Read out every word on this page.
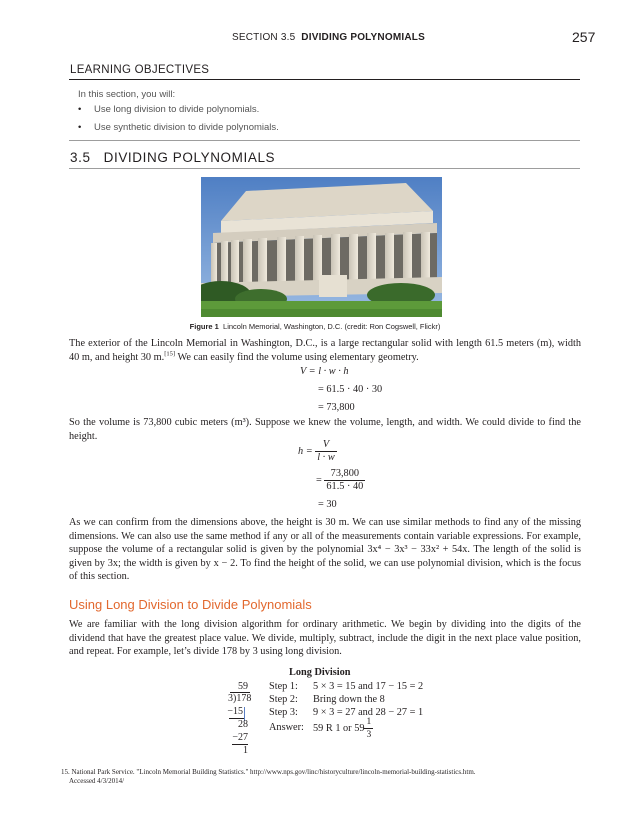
SECTION 3.5 DIVIDING POLYNOMIALS	257
LEARNING OBJECTIVES
In this section, you will:
• Use long division to divide polynomials.
• Use synthetic division to divide polynomials.
3.5   DIVIDING POLYNOMIALS
Figure 1 Lincoln Memorial, Washington, D.C. (credit: Ron Cogswell, Flickr)
The exterior of the Lincoln Memorial in Washington, D.C., is a large rectangular solid with length 61.5 meters (m), width 40 m, and height 30 m.[15] We can easily find the volume using elementary geometry.
V = l · w · h
= 61.5 · 40 · 30
= 73,800
So the volume is 73,800 cubic meters (m³). Suppose we knew the volume, length, and width. We could divide to find the height.
$h = \frac{V}{l \cdot w}$
= $\frac{73,800}{61.5 \cdot 40}$
= 30
As we can confirm from the dimensions above, the height is 30 m. We can use similar methods to find any of the missing dimensions. We can also use the same method if any or all of the measurements contain variable expressions. For example, suppose the volume of a rectangular solid is given by the polynomial 3x⁴ − 3x³ − 33x² + 54x. The length of the solid is given by 3x; the width is given by x − 2. To find the height of the solid, we can use polynomial division, which is the focus of this section.
Using Long Division to Divide Polynomials
We are familiar with the long division algorithm for ordinary arithmetic. We begin by dividing into the digits of the dividend that have the greatest place value. We divide, multiply, subtract, include the digit in the next place value position, and repeat. For example, let’s divide 178 by 3 using long division.
Long Division
59
3)178
−15
28
−27
1
Step 1: 5 × 3 = 15 and 17 − 15 = 2
Step 2: Bring down the 8
Step 3: 9 × 3 = 27 and 28 − 27 = 1
Answer: 59 R 1 or $59 \frac{1}{3}$
15. National Park Service. "Lincoln Memorial Building Statistics." http://www.nps.gov/linc/historyculture/lincoln-memorial-building-statistics.htm.
Accessed 4/3/2014/
